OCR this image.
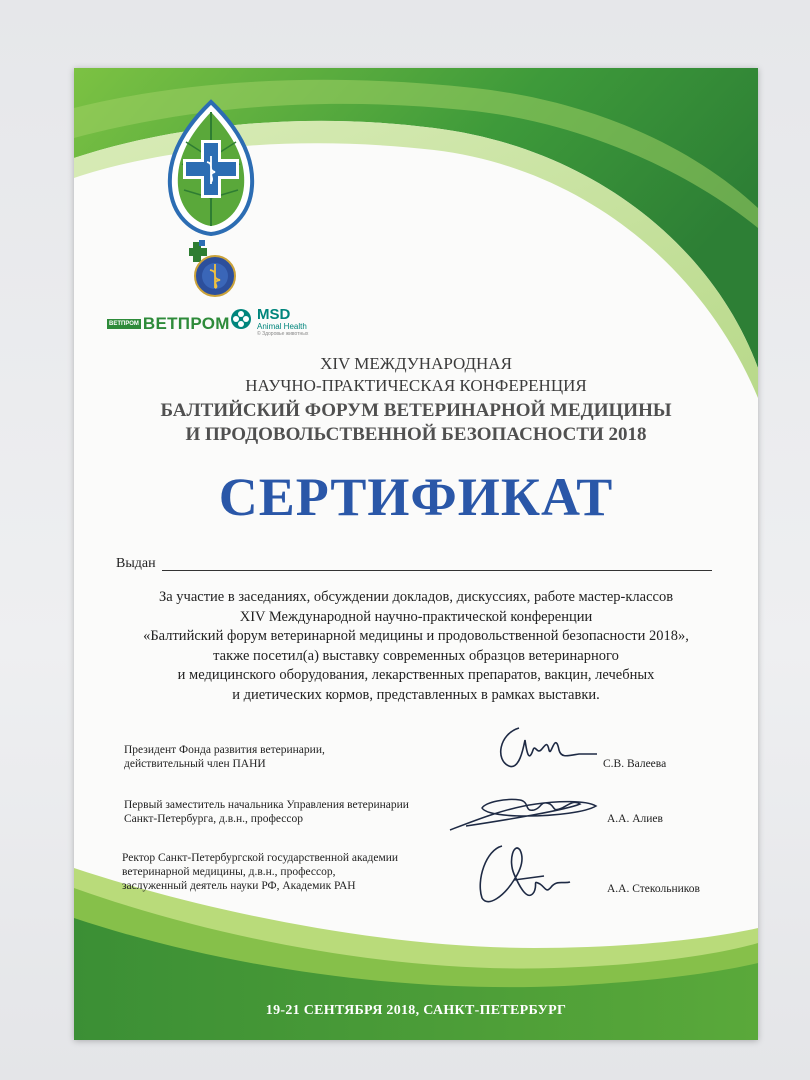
ВЕТПРОМ ВЕТПРОМ MSD
Animal Health
© Здоровье животных
XIV МЕЖДУНАРОДНАЯ
НАУЧНО-ПРАКТИЧЕСКАЯ КОНФЕРЕНЦИЯ
БАЛТИЙСКИЙ ФОРУМ ВЕТЕРИНАРНОЙ МЕДИЦИНЫ
И ПРОДОВОЛЬСТВЕННОЙ БЕЗОПАСНОСТИ 2018
СЕРТИФИКАТ
Выдан
За участие в заседаниях, обсуждении докладов, дискуссиях, работе мастер-классов
XIV Международной научно-практической конференции
«Балтийский форум ветеринарной медицины и продовольственной безопасности 2018»,
также посетил(а) выставку современных образцов ветеринарного
и медицинского оборудования, лекарственных препаратов, вакцин, лечебных
и диетических кормов, представленных в рамках выставки.
Президент Фонда развития ветеринарии,
действительный член ПАНИ	С.В. Валеева
Первый заместитель начальника Управления ветеринарии
Санкт-Петербурга, д.в.н., профессор	А.А. Алиев
Ректор Санкт-Петербургской государственной академии
ветеринарной медицины, д.в.н., профессор,
заслуженный деятель науки РФ, Академик РАН	А.А. Стекольников
19-21 СЕНТЯБРЯ 2018, САНКТ-ПЕТЕРБУРГ
